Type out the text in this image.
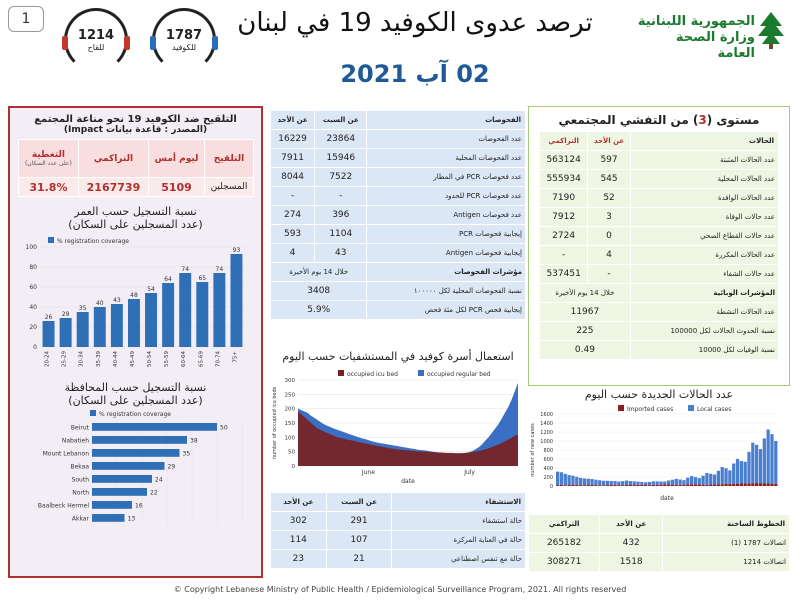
1
1214
للقاح
1787
للكوفيد
ترصد عدوى الكوفيد 19 في لبنان
02 آب 2021
الجمهورية اللبنانية
وزارة الصحة العامة
التلقيح ضد الكوفيد 19 نحو مناعة المجتمع
(المصدر : قاعدة بيانات Impact)
التلقيح	ليوم أمس	التراكمي	التغطية
(على عدد السكان)

المسجلين	5109	2167739	31.8%
نسبة التسجيل حسب العمر
(عدد المسجلين على السكان)
% registration coverage
0
20
40
60
80
100
26
20-24
29
25-29
35
30-34
40
35-39
43
40-44
48
45-49
54
50-54
64
55-59
74
60-64
65
65-69
74
70-74
93
75+
نسبة التسجيل حسب المحافظة
(عدد المسجلين على السكان)
% registration coverage
50
Beirut
38
Nabatieh
35
Mount Lebanon
29
Bekaa
24
South
22
North
16
Baalbeck Hermel
13
Akkar
عن الأحد	عن السبت	الفحوصات
16229	23864	عدد الفحوصات
7911	15946	عدد الفحوصات المحلية
8044	7522	عدد فحوصات PCR في المطار
-	-	عدد فحوصات PCR للحدود
274	396	عدد فحوصات Antigen
593	1104	إيجابية فحوصات PCR
4	43	إيجابية فحوصات Antigen
خلال 14 يوم الأخيرة		مؤشرات الفحوصات
3408		نسبة الفحوصات المحلية لكل ١٠٠٠٠٠
5.9%		إيجابية فحص PCR لكل مئة فحص
مستوى (3) من التفشي المجتمعي
التراكمي	عن الأحد	الحالات
563124	597	عدد الحالات المثبتة
555934	545	عدد الحالات المحلية
7190	52	عدد الحالات الوافدة
7912	3	عدد حالات الوفاة
2724	0	عدد حالات القطاع الصحي
-	4	عدد الحالات المكررة
537451	-	عدد حالات الشفاء
خلال 14 يوم الأخيرة		المؤشرات الوبائية
11967		عدد الحالات النشطة
225		نسبة الحدوث الحالات لكل 100000
0.49		نسبة الوفيات لكل 10000
استعمال أسرة كوفيد في المستشفيات حسب اليوم
occupied icu bed	occupied regular bed
0
50
100
150
200
250
300
June	July
date
number of occupied icu beds	عدد الحالات الجديدة حسب اليوم
Imported cases	Local cases
0
200
400
600
800
1000
1200
1400
1600
date
number of new cases
عن الأحد	عن السبت	الاستشفاء
302	291	حالة استشفاء
114	107	حالة في العناية المركزة
23	21	حالة مع تنفس اصطناعي
التراكمي	عن الأحد	الخطوط الساخنة
265182	432	اتصالات 1787 (1)
308271	1518	اتصالات 1214
© Copyright Lebanese Ministry of Public Health / Epidemiological Surveillance Program, 2021. All rights reserved
